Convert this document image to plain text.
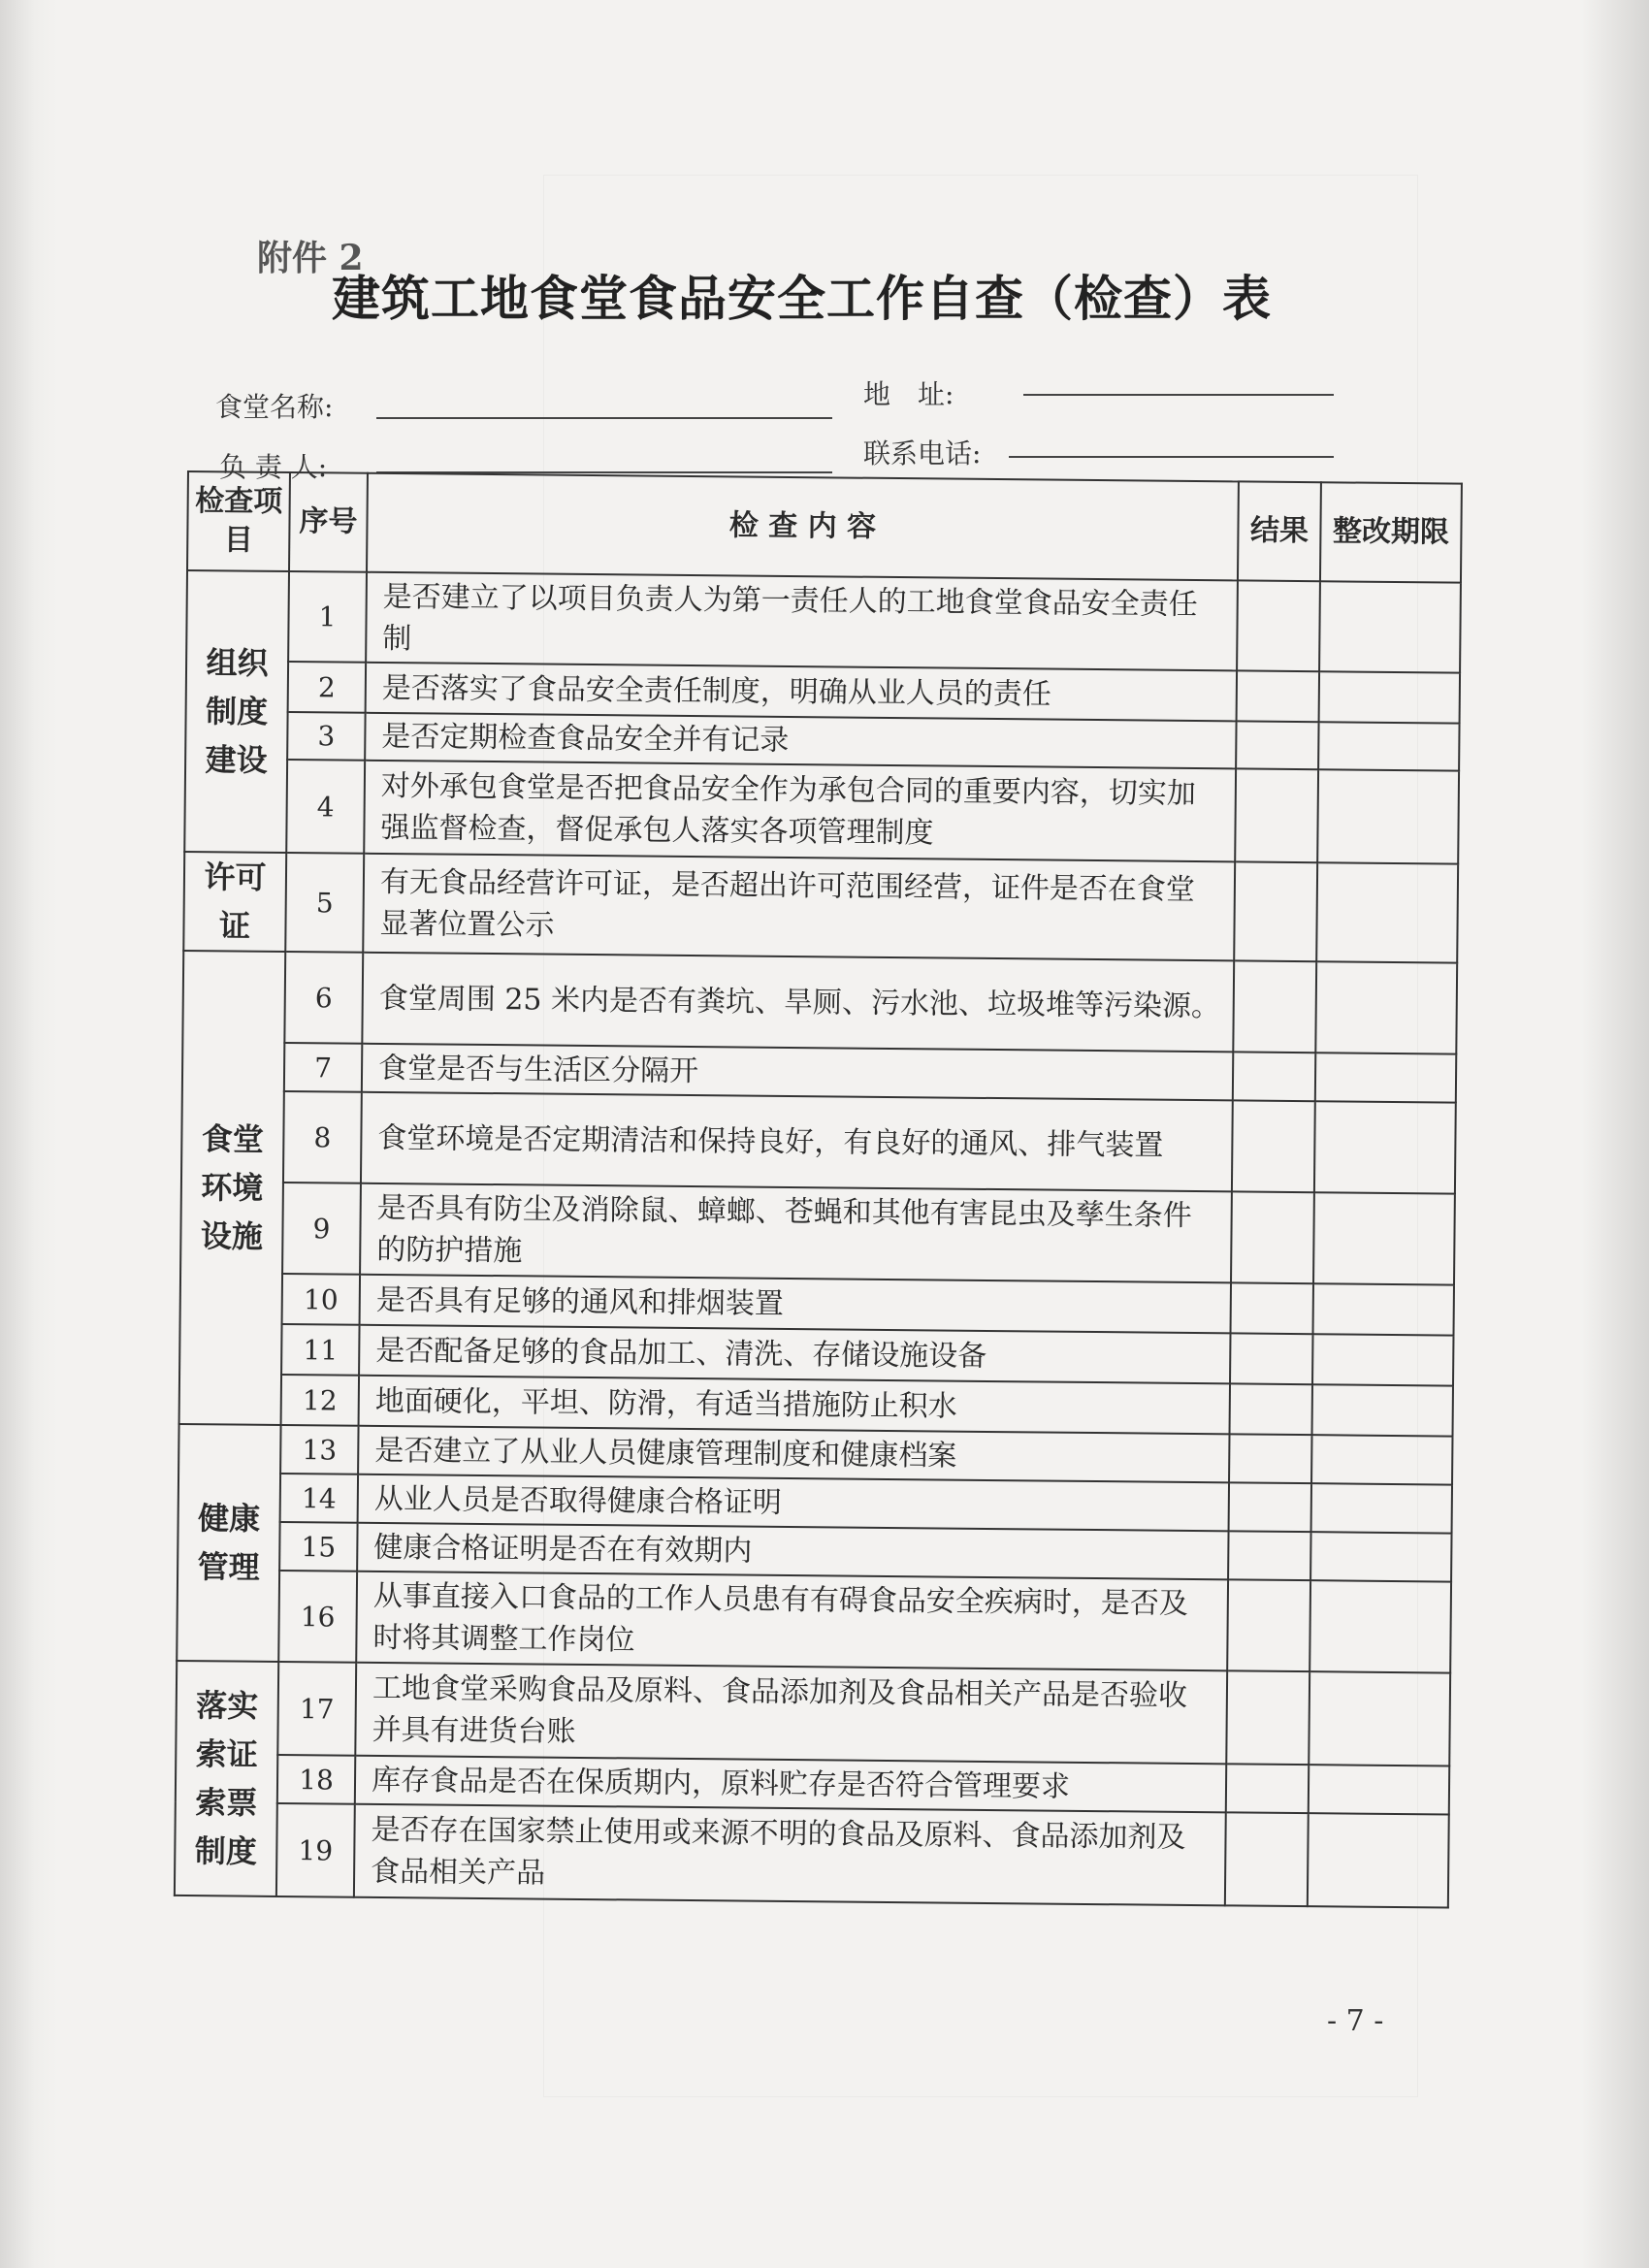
附件 2
建筑工地食堂食品安全工作自查（检查）表
食堂名称:	地　址:
负 责 人:	联系电话:
检查项目	序号	检 查 内 容	结果	整改期限
组织制度建设	1	是否建立了以项目负责人为第一责任人的工地食堂食品安全责任制		
	2	是否落实了食品安全责任制度，明确从业人员的责任		
	3	是否定期检查食品安全并有记录		
	4	对外承包食堂是否把食品安全作为承包合同的重要内容，切实加强监督检查，督促承包人落实各项管理制度		
许可证	5	有无食品经营许可证，是否超出许可范围经营，证件是否在食堂显著位置公示		
食堂环境设施	6	食堂周围 25 米内是否有粪坑、旱厕、污水池、垃圾堆等污染源。		
	7	食堂是否与生活区分隔开		
	8	食堂环境是否定期清洁和保持良好，有良好的通风、排气装置		
	9	是否具有防尘及消除鼠、蟑螂、苍蝇和其他有害昆虫及孳生条件的防护措施		
	10	是否具有足够的通风和排烟装置		
	11	是否配备足够的食品加工、清洗、存储设施设备		
	12	地面硬化，平坦、防滑，有适当措施防止积水		
健康管理	13	是否建立了从业人员健康管理制度和健康档案		
	14	从业人员是否取得健康合格证明		
	15	健康合格证明是否在有效期内		
	16	从事直接入口食品的工作人员患有有碍食品安全疾病时，是否及时将其调整工作岗位		
落实索证索票制度	17	工地食堂采购食品及原料、食品添加剂及食品相关产品是否验收并具有进货台账		
	18	库存食品是否在保质期内，原料贮存是否符合管理要求		
	19	是否存在国家禁止使用或来源不明的食品及原料、食品添加剂及食品相关产品		
- 7 -
